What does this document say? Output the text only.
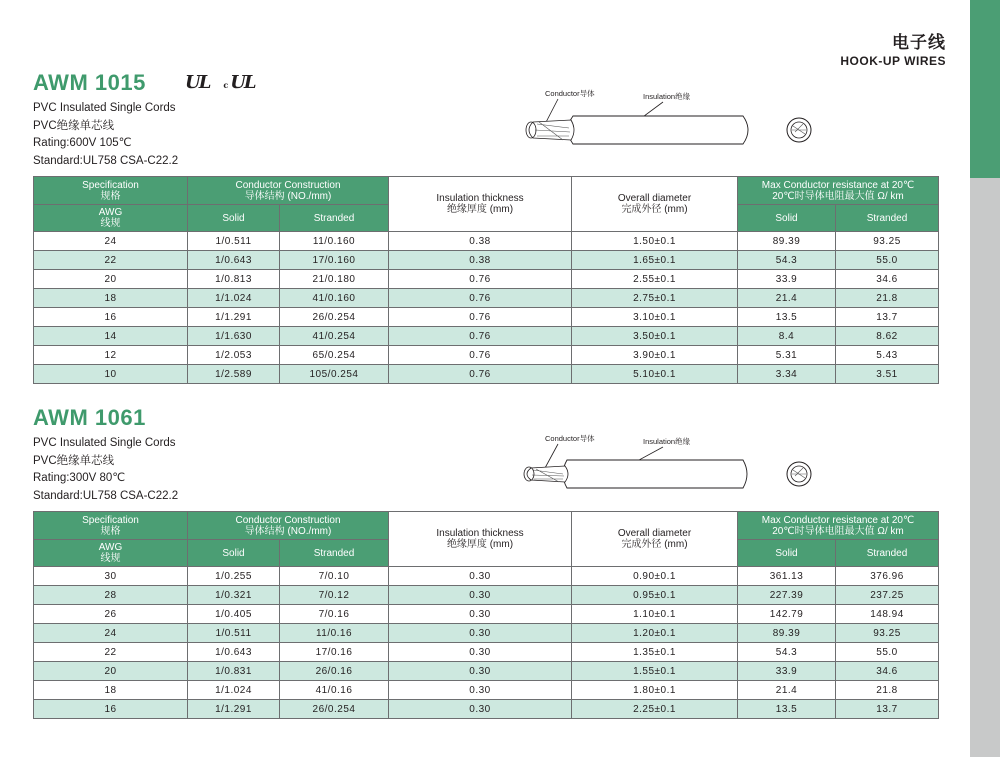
电子线
HOOK-UP WIRES
AWM 1015 UL c UL
PVC Insulated Single Cords
PVC绝缘单芯线
Rating:600V 105℃
Standard:UL758 CSA-C22.2
Conductor导体	Insulation绝缘
Specification
规格	Conductor Construction
导体结构 (NO./mm)		Insulation thickness
绝缘厚度 (mm)	Overall diameter
完成外径 (mm)	Max Conductor resistance at 20℃
20℃时导体电阻最大值 Ω/ km	
AWG
线规	Solid	Stranded			Solid	Stranded
24	1/0.511	11/0.160	0.38	1.50±0.1	89.39	93.25
22	1/0.643	17/0.160	0.38	1.65±0.1	54.3	55.0
20	1/0.813	21/0.180	0.76	2.55±0.1	33.9	34.6
18	1/1.024	41/0.160	0.76	2.75±0.1	21.4	21.8
16	1/1.291	26/0.254	0.76	3.10±0.1	13.5	13.7
14	1/1.630	41/0.254	0.76	3.50±0.1	8.4	8.62
12	1/2.053	65/0.254	0.76	3.90±0.1	5.31	5.43
10	1/2.589	105/0.254	0.76	5.10±0.1	3.34	3.51
AWM 1061
PVC Insulated Single Cords
PVC绝缘单芯线
Rating:300V 80℃
Standard:UL758 CSA-C22.2
Conductor导体	Insulation绝缘
Specification
规格	Conductor Construction
导体结构 (NO./mm)		Insulation thickness
绝缘厚度 (mm)	Overall diameter
完成外径 (mm)	Max Conductor resistance at 20℃
20℃时导体电阻最大值 Ω/ km	
AWG
线规	Solid	Stranded			Solid	Stranded
30	1/0.255	7/0.10	0.30	0.90±0.1	361.13	376.96
28	1/0.321	7/0.12	0.30	0.95±0.1	227.39	237.25
26	1/0.405	7/0.16	0.30	1.10±0.1	142.79	148.94
24	1/0.511	11/0.16	0.30	1.20±0.1	89.39	93.25
22	1/0.643	17/0.16	0.30	1.35±0.1	54.3	55.0
20	1/0.831	26/0.16	0.30	1.55±0.1	33.9	34.6
18	1/1.024	41/0.16	0.30	1.80±0.1	21.4	21.8
16	1/1.291	26/0.254	0.30	2.25±0.1	13.5	13.7
